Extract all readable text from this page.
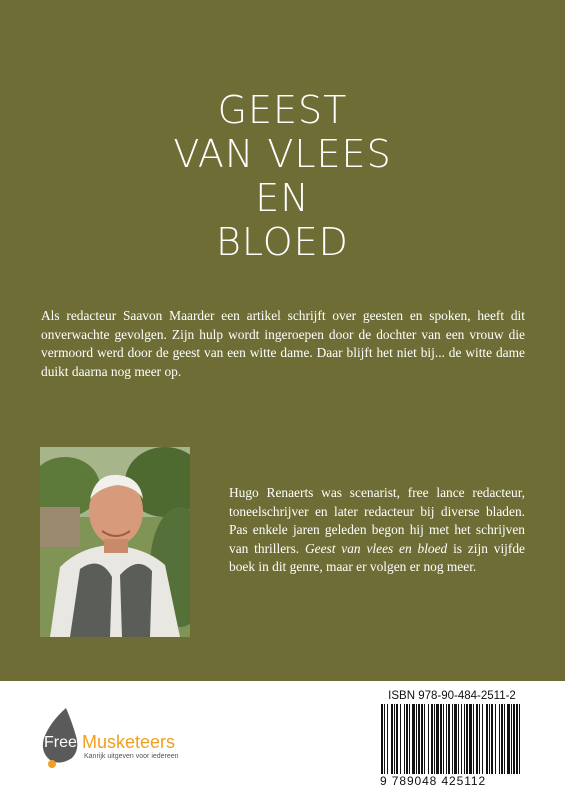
GEEST
VAN VLEES
EN
BLOED

Als redacteur Saavon Maarder een artikel schrijft over geesten en spoken, heeft dit onverwachte gevolgen. Zijn hulp wordt ingeroepen door de dochter van een vrouw die vermoord werd door de geest van een witte dame. Daar blijft het niet bij... de witte dame duikt daarna nog meer op.

Hugo Renaerts was scenarist, free lance redacteur, toneelschrijver en later redacteur bij diverse bladen. Pas enkele jaren geleden begon hij met het schrijven van thrillers. Geest van vlees en bloed is zijn vijfde boek in dit genre, maar er volgen er nog meer.

Free Musketeers
Kanrijk uitgeven voor iedereen
ISBN 978-90-484-2511-2
9 789048 425112
